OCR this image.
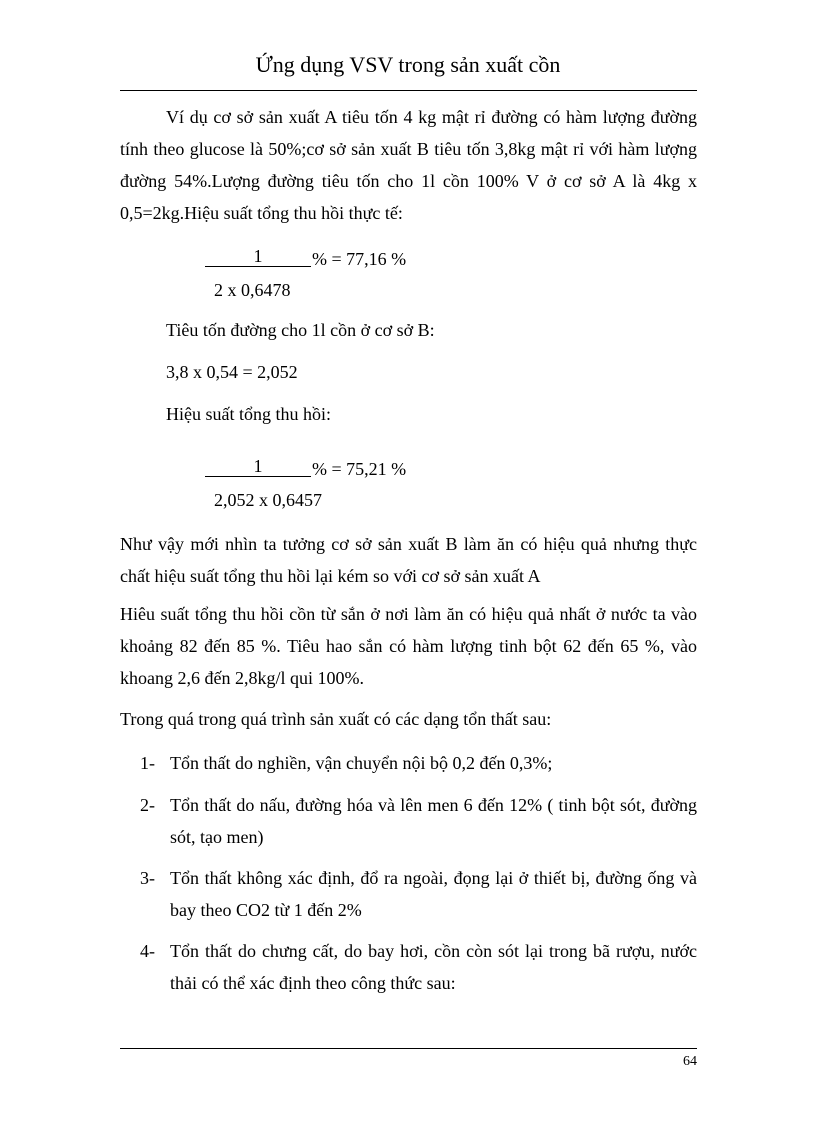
Ứng dụng VSV trong sản xuất cồn

Ví dụ cơ sở sản xuất A tiêu tốn 4 kg mật rỉ đường có hàm lượng đường tính theo glucose là 50%;cơ sở sản xuất B tiêu tốn 3,8kg mật rỉ với hàm lượng đường 54%.Lượng đường tiêu tốn cho 1l cồn 100% V ở cơ sở A là 4kg x 0,5=2kg.Hiệu suất tổng thu hồi thực tế:

1	% = 77,16 %
2 x 0,6478
Tiêu tốn đường cho 1l cồn ở cơ sở B:
3,8 x 0,54 = 2,052
Hiệu suất tổng thu hồi:
1	% = 75,21 %
2,052 x 0,6457

Như vậy mới nhìn ta tưởng cơ sở sản xuất B làm ăn có hiệu quả nhưng thực chất hiệu suất tổng thu hồi lại kém so với cơ sở sản xuất A

Hiêu suất tổng thu hồi cồn từ sắn ở nơi làm ăn có hiệu quả nhất ở nước ta vào khoảng 82 đến 85 %. Tiêu hao sắn có hàm lượng tinh bột 62 đến 65 %, vào khoang 2,6 đến 2,8kg/l qui 100%.

Trong quá trong quá trình sản xuất có các dạng tổn thất sau:

1- Tổn thất do nghiền, vận chuyển nội bộ 0,2 đến 0,3%;
2- Tổn thất do nấu, đường hóa và lên men 6 đến 12% ( tinh bột sót, đường sót, tạo men)
3- Tổn thất không xác định, đổ ra ngoài, đọng lại ở thiết bị, đường ống và bay theo CO2 từ 1 đến 2%
4- Tổn thất do chưng cất, do bay hơi, cồn còn sót lại trong bã rượu, nước thải có thể xác định theo công thức sau:
64
